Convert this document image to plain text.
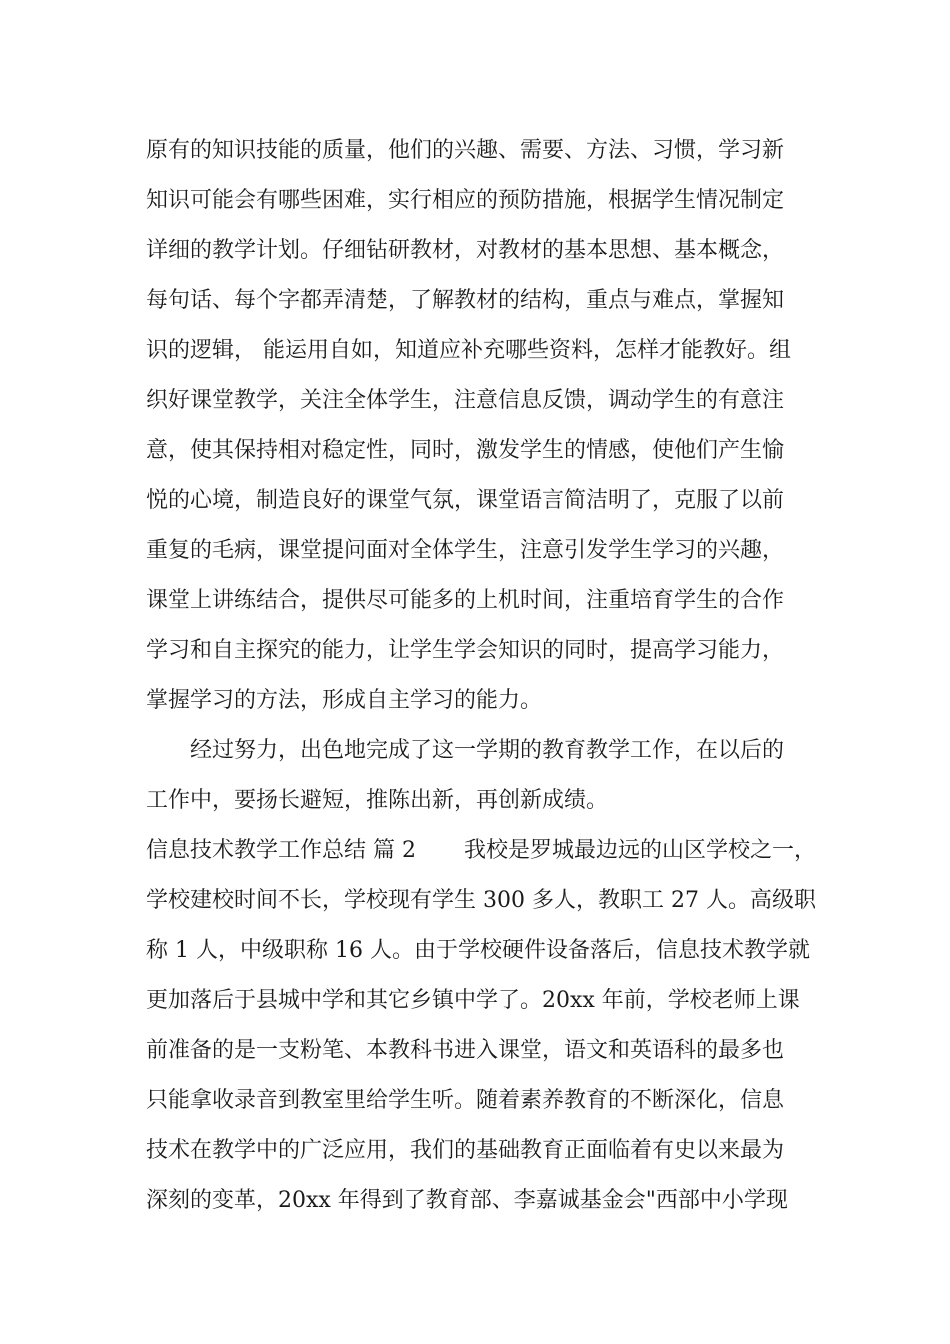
原有的知识技能的质量，他们的兴趣、需要、方法、习惯，学习新
知识可能会有哪些困难，实行相应的预防措施，根据学生情况制定
详细的教学计划。仔细钻研教材，对教材的基本思想、基本概念，
每句话、每个字都弄清楚，了解教材的结构，重点与难点，掌握知
识的逻辑， 能运用自如，知道应补充哪些资料，怎样才能教好。组
织好课堂教学，关注全体学生，注意信息反馈，调动学生的有意注
意，使其保持相对稳定性，同时，激发学生的情感，使他们产生愉
悦的心境，制造良好的课堂气氛，课堂语言简洁明了，克服了以前
重复的毛病，课堂提问面对全体学生，注意引发学生学习的兴趣，
课堂上讲练结合，提供尽可能多的上机时间，注重培育学生的合作
学习和自主探究的能力，让学生学会知识的同时，提高学习能力，
掌握学习的方法，形成自主学习的能力。
经过努力，出色地完成了这一学期的教育教学工作，在以后的
工作中，要扬长避短，推陈出新，再创新成绩。
信息技术教学工作总结 篇 2 我校是罗城最边远的山区学校之一，
学校建校时间不长，学校现有学生 300 多人，教职工 27 人。高级职
称 1 人，中级职称 16 人。由于学校硬件设备落后，信息技术教学就
更加落后于县城中学和其它乡镇中学了。20xx 年前，学校老师上课
前准备的是一支粉笔、本教科书进入课堂，语文和英语科的最多也
只能拿收录音到教室里给学生听。随着素养教育的不断深化，信息
技术在教学中的广泛应用，我们的基础教育正面临着有史以来最为
深刻的变革，20xx 年得到了教育部、李嘉诚基金会"西部中小学现
